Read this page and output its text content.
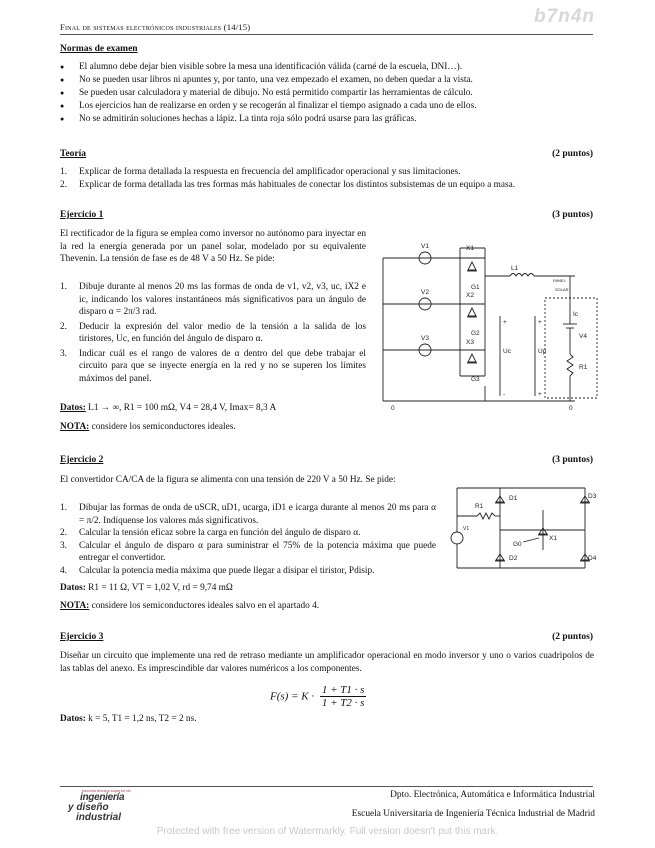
Final de sistemas electrónicos industriales (14/15)	b7n4n
Normas de examen
● El alumno debe dejar bien visible sobre la mesa una identificación válida (carné de la escuela, DNI…).
● No se pueden usar libros ni apuntes y, por tanto, una vez empezado el examen, no deben quedar a la vista.
● Se pueden usar calculadora y material de dibujo. No está permitido compartir las herramientas de cálculo.
● Los ejercicios han de realizarse en orden y se recogerán al finalizar el tiempo asignado a cada uno de ellos.
● No se admitirán soluciones hechas a lápiz. La tinta roja sólo podrá usarse para las gráficas.
Teoría	(2 puntos)
1. Explicar de forma detallada la respuesta en frecuencia del amplificador operacional y sus limitaciones.
2. Explicar de forma detallada las tres formas más habituales de conectar los distintos subsistemas de un equipo a masa.
Ejercicio 1	(3 puntos)
El rectificador de la figura se emplea como inversor no autónomo para inyectar en la red la energía generada por un panel solar, modelado por su equivalente Thevenin. La tensión de fase es de 48 V a 50 Hz. Se pide:
1. Dibuje durante al menos 20 ms las formas de onda de v1, v2, v3, uc, iX2 e ic, indicando los valores instantáneos más significativos para un ángulo de disparo α = 2π/3 rad.
2. Deducir la expresión del valor medio de la tensión a la salida de los tiristores, Uc, en función del ángulo de disparo α.
3. Indicar cuál es el rango de valores de α dentro del que debe trabajar el circuito para que se inyecte energía en la red y no se superen los límites máximos del panel.
Datos: L1 → ∞, R1 = 100 mΩ, V4 = 28,4 V, Imax= 8,3 A
NOTA: considere los semiconductores ideales.
V1
V2
V3
X1
X2
X3
G1
G2
G3
L1
Uc	Up
Ic
V4
R1
PANEL
SOLAR
0	0
+	+
-	+
Ejercicio 2	(3 puntos)
El convertidor CA/CA de la figura se alimenta con una tensión de 220 V a 50 Hz. Se pide:
1. Dibujar las formas de onda de uSCR, uD1, ucarga, iD1 e icarga durante al menos 20 ms para α = π/2. Indíquense los valores más significativos.
2. Calcular la tensión eficaz sobre la carga en función del ángulo de disparo α.
3. Calcular el ángulo de disparo α para suministrar el 75% de la potencia máxima que puede entregar el convertidor.
4. Calcular la potencia media máxima que puede llegar a disipar el tiristor, Pdisip.
Datos: R1 = 11 Ω, VT = 1,02 V, rd = 9,74 mΩ
NOTA: considere los semiconductores ideales salvo en el apartado 4.
R1
D1
D2
D3
D4
X1
G0
V1
Ejercicio 3	(2 puntos)
Diseñar un circuito que implemente una red de retraso mediante un amplificador operacional en modo inversor y uno o varios cuadripolos de las tablas del anexo. Es imprescindible dar valores numéricos a los componentes.
$F(s) = K \cdot \frac{1 + T1 \cdot s}{1 + T2 \cdot s}$
Datos: k = 5, T1 = 1,2 ns, T2 = 2 ns.
escuela técnica superior de
ingeniería
y diseño
industrial
Dpto. Electrónica, Automática e Informática Industrial
Escuela Universitaria de Ingeniería Técnica Industrial de Madrid
Protected with free version of Watermarkly. Full version doesn't put this mark.
